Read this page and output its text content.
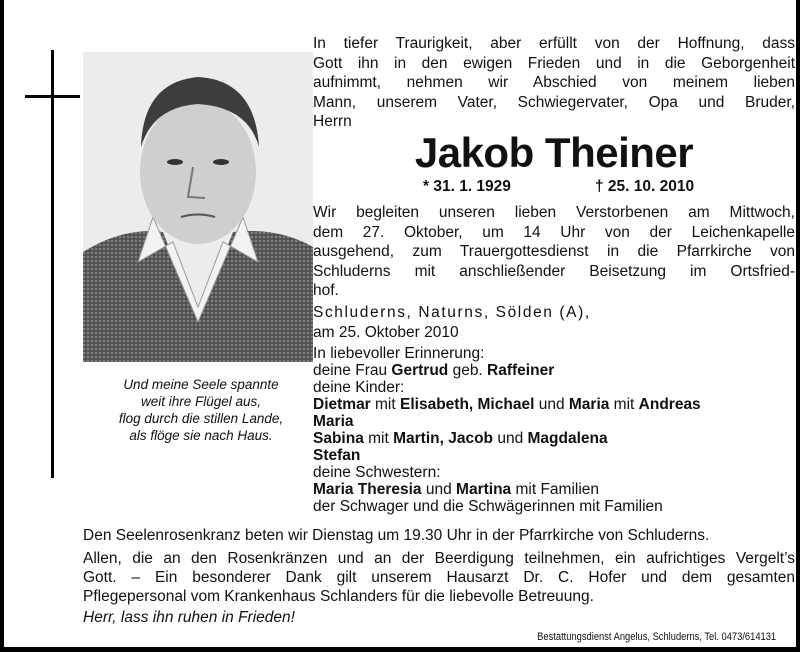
Und meine Seele spannte
weit ihre Flügel aus,
flog durch die stillen Lande,
als flöge sie nach Haus.
In tiefer Traurigkeit, aber erfüllt von der Hoffnung, dass
Gott ihn in den ewigen Frieden und in die Geborgenheit
aufnimmt, nehmen wir Abschied von meinem lieben
Mann, unserem Vater, Schwiegervater, Opa und Bruder,
Herrn
Jakob Theiner
* 31. 1. 1929	† 25. 10. 2010
Wir begleiten unseren lieben Verstorbenen am Mittwoch,
dem 27. Oktober, um 14 Uhr von der Leichenkapelle
ausgehend, zum Trauergottesdienst in die Pfarrkirche von
Schluderns mit anschließender Beisetzung im Ortsfried-
hof.
Schluderns, Naturns, Sölden (A),
am 25. Oktober 2010
In liebevoller Erinnerung:
deine Frau Gertrud geb. Raffeiner
deine Kinder:
Dietmar mit Elisabeth, Michael und Maria mit Andreas
Maria
Sabina mit Martin, Jacob und Magdalena
Stefan
deine Schwestern:
Maria Theresia und Martina mit Familien
der Schwager und die Schwägerinnen mit Familien
Den Seelenrosenkranz beten wir Dienstag um 19.30 Uhr in der Pfarrkirche von Schluderns.
Allen, die an den Rosenkränzen und an der Beerdigung teilnehmen, ein aufrichtiges Vergelt’s
Gott. – Ein besonderer Dank gilt unserem Hausarzt Dr. C. Hofer und dem gesamten
Pflegepersonal vom Krankenhaus Schlanders für die liebevolle Betreuung.
Herr, lass ihn ruhen in Frieden!
Bestattungsdienst Angelus, Schluderns, Tel. 0473/614131
